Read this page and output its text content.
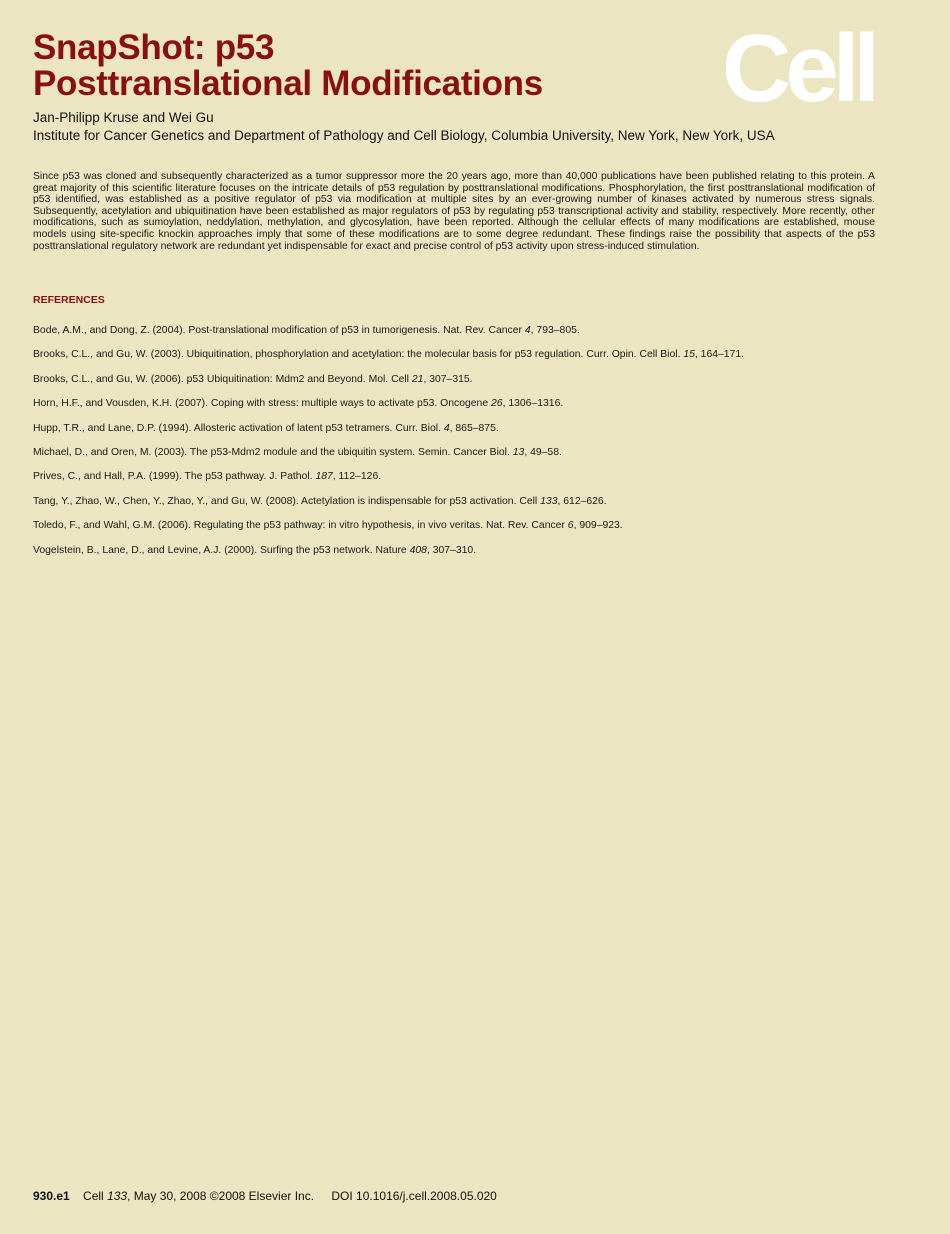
SnapShot: p53
Posttranslational Modifications Cell
Jan-Philipp Kruse and Wei Gu
Institute for Cancer Genetics and Department of Pathology and Cell Biology, Columbia University, New York, New York, USA

Since p53 was cloned and subsequently characterized as a tumor suppressor more the 20 years ago, more than 40,000 publications have been published relating to this protein. A great majority of this scientific literature focuses on the intricate details of p53 regulation by posttranslational modifications. Phosphorylation, the first posttranslational modification of p53 identified, was established as a positive regulator of p53 via modification at multiple sites by an ever-growing number of kinases activated by numerous stress signals. Subsequently, acetylation and ubiquitination have been established as major regulators of p53 by regulating p53 transcriptional activity and stability, respectively. More recently, other modifications, such as sumoylation, neddylation, methylation, and glycosylation, have been reported. Although the cellular effects of many modifications are established, mouse models using site-specific knockin approaches imply that some of these modifications are to some degree redundant. These findings raise the possibility that aspects of the p53 posttranslational regulatory network are redundant yet indispensable for exact and precise control of p53 activity upon stress-induced stimulation.

REFERENCES
Bode, A.M., and Dong, Z. (2004). Post-translational modification of p53 in tumorigenesis. Nat. Rev. Cancer 4, 793–805.
Brooks, C.L., and Gu, W. (2003). Ubiquitination, phosphorylation and acetylation: the molecular basis for p53 regulation. Curr. Opin. Cell Biol. 15, 164–171.
Brooks, C.L., and Gu, W. (2006). p53 Ubiquitination: Mdm2 and Beyond. Mol. Cell 21, 307–315.
Horn, H.F., and Vousden, K.H. (2007). Coping with stress: multiple ways to activate p53. Oncogene 26, 1306–1316.
Hupp, T.R., and Lane, D.P. (1994). Allosteric activation of latent p53 tetramers. Curr. Biol. 4, 865–875.
Michael, D., and Oren, M. (2003). The p53-Mdm2 module and the ubiquitin system. Semin. Cancer Biol. 13, 49–58.
Prives, C., and Hall, P.A. (1999). The p53 pathway. J. Pathol. 187, 112–126.
Tang, Y., Zhao, W., Chen, Y., Zhao, Y., and Gu, W. (2008). Actetylation is indispensable for p53 activation. Cell 133, 612–626.
Toledo, F., and Wahl, G.M. (2006). Regulating the p53 pathway: in vitro hypothesis, in vivo veritas. Nat. Rev. Cancer 6, 909–923.
Vogelstein, B., Lane, D., and Levine, A.J. (2000). Surfing the p53 network. Nature 408, 307–310.
930.e1 Cell 133, May 30, 2008 ©2008 Elsevier Inc. DOI 10.1016/j.cell.2008.05.020
